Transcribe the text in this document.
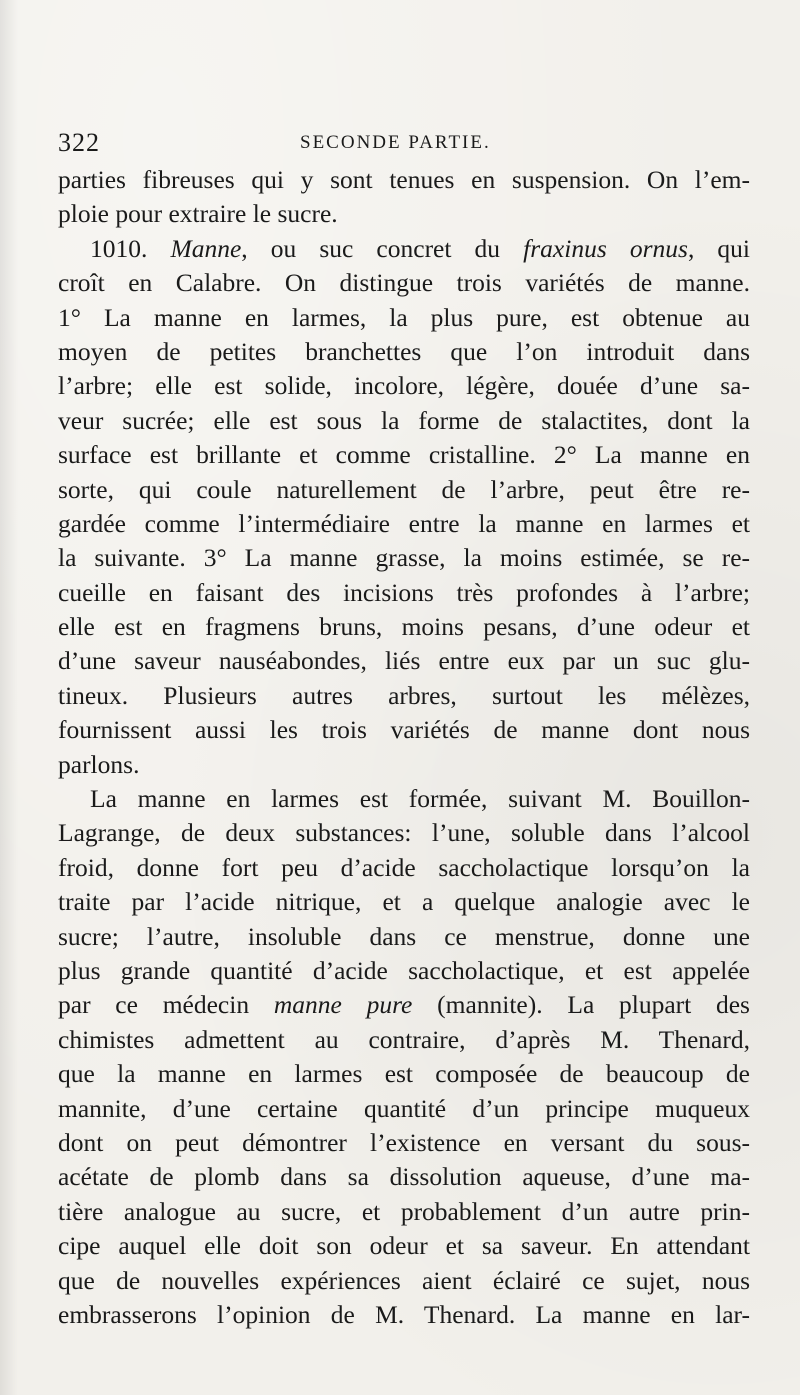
322	SECONDE PARTIE.
parties fibreuses qui y sont tenues en suspension. On l’em-
ploie pour extraire le sucre.
1010. Manne, ou suc concret du fraxinus ornus, qui
croît en Calabre. On distingue trois variétés de manne.
1° La manne en larmes, la plus pure, est obtenue au
moyen de petites branchettes que l’on introduit dans
l’arbre; elle est solide, incolore, légère, douée d’une sa-
veur sucrée; elle est sous la forme de stalactites, dont la
surface est brillante et comme cristalline. 2° La manne en
sorte, qui coule naturellement de l’arbre, peut être re-
gardée comme l’intermédiaire entre la manne en larmes et
la suivante. 3° La manne grasse, la moins estimée, se re-
cueille en faisant des incisions très profondes à l’arbre;
elle est en fragmens bruns, moins pesans, d’une odeur et
d’une saveur nauséabondes, liés entre eux par un suc glu-
tineux. Plusieurs autres arbres, surtout les mélèzes,
fournissent aussi les trois variétés de manne dont nous
parlons.
La manne en larmes est formée, suivant M. Bouillon-
Lagrange, de deux substances: l’une, soluble dans l’alcool
froid, donne fort peu d’acide saccholactique lorsqu’on la
traite par l’acide nitrique, et a quelque analogie avec le
sucre; l’autre, insoluble dans ce menstrue, donne une
plus grande quantité d’acide saccholactique, et est appelée
par ce médecin manne pure (mannite). La plupart des
chimistes admettent au contraire, d’après M. Thenard,
que la manne en larmes est composée de beaucoup de
mannite, d’une certaine quantité d’un principe muqueux
dont on peut démontrer l’existence en versant du sous-
acétate de plomb dans sa dissolution aqueuse, d’une ma-
tière analogue au sucre, et probablement d’un autre prin-
cipe auquel elle doit son odeur et sa saveur. En attendant
que de nouvelles expériences aient éclairé ce sujet, nous
embrasserons l’opinion de M. Thenard. La manne en lar-
